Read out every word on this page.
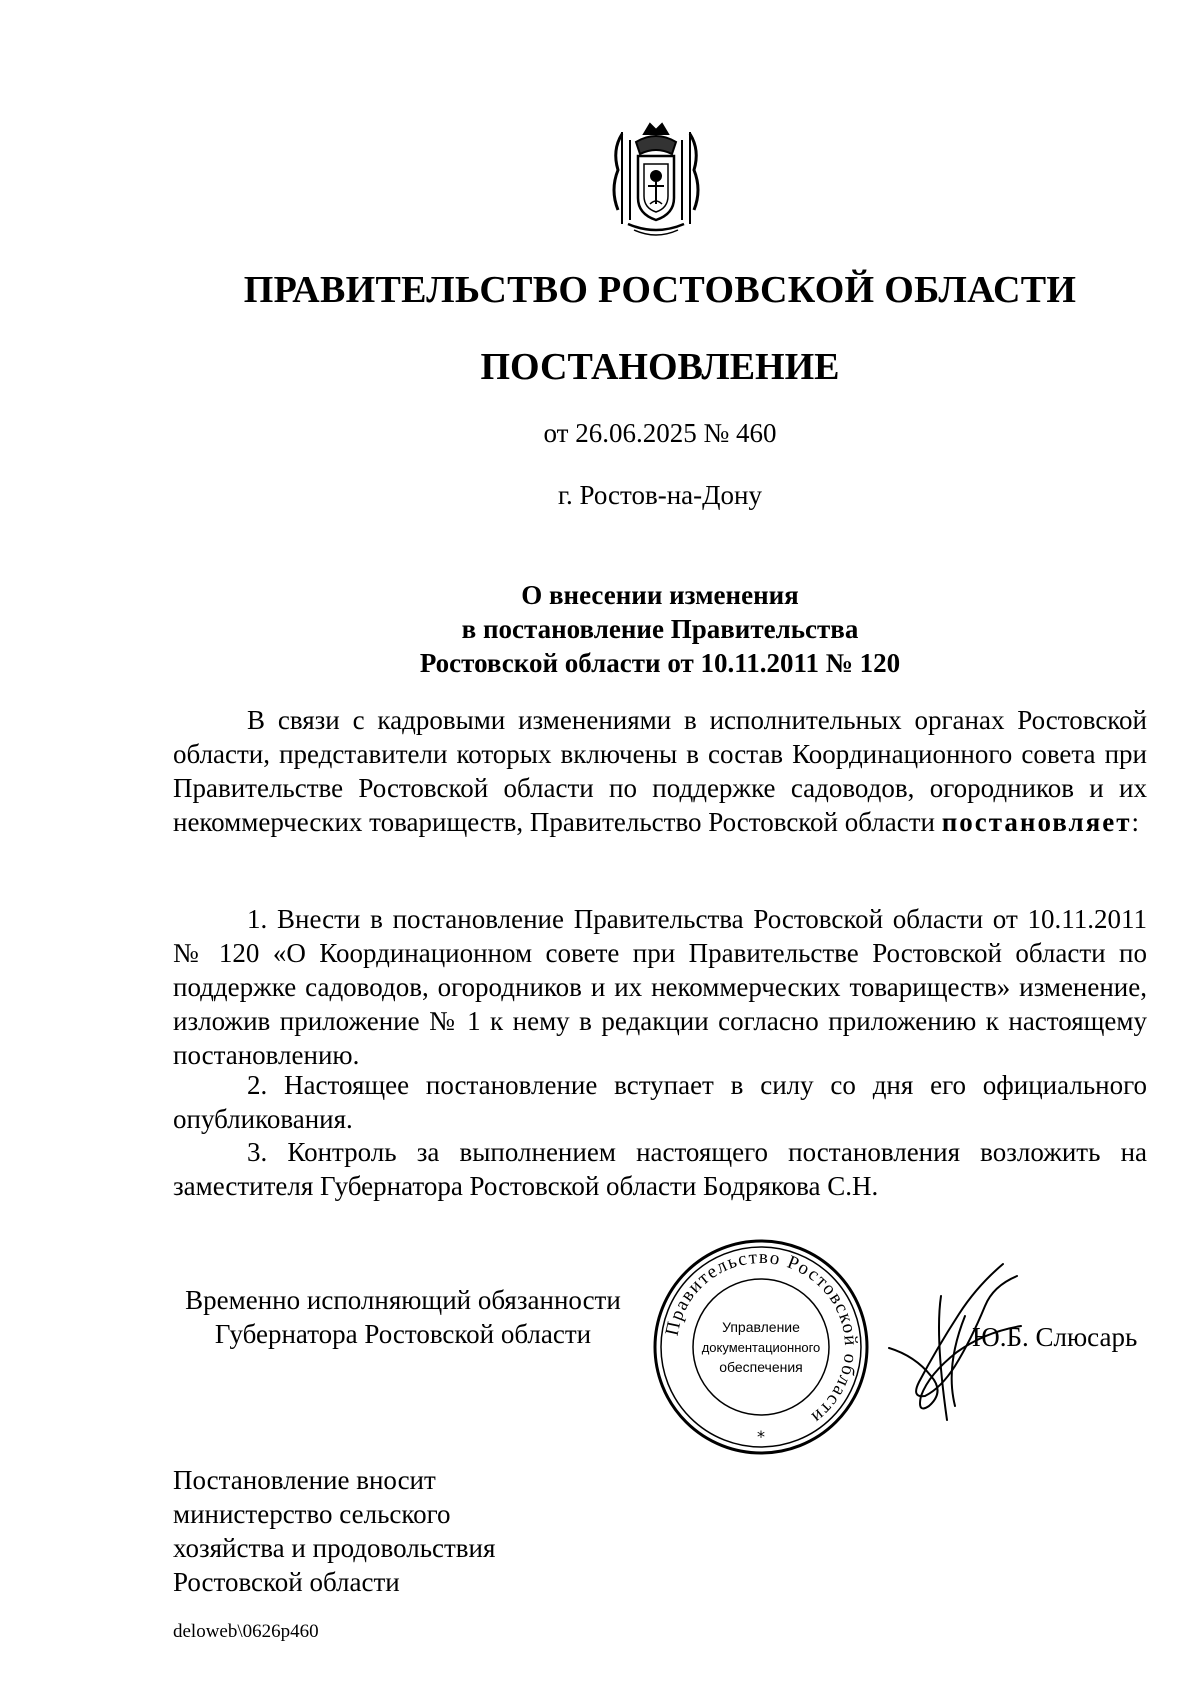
ПРАВИТЕЛЬСТВО РОСТОВСКОЙ ОБЛАСТИ
ПОСТАНОВЛЕНИЕ
от 26.06.2025 № 460
г. Ростов-на-Дону
О внесении изменения
в постановление Правительства
Ростовской области от 10.11.2011 № 120

В связи с кадровыми изменениями в исполнительных органах Ростовской области, представители которых включены в состав Координационного совета при Правительстве Ростовской области по поддержке садоводов, огородников и их некоммерческих товариществ, Правительство Ростовской области постановляет:

1. Внести в постановление Правительства Ростовской области от 10.11.2011 № 120 «О Координационном совете при Правительстве Ростовской области по поддержке садоводов, огородников и их некоммерческих товариществ» изменение, изложив приложение № 1 к нему в редакции согласно приложению к настоящему постановлению.

2. Настоящее постановление вступает в силу со дня его официального опубликования.

3. Контроль за выполнением настоящего постановления возложить на заместителя Губернатора Ростовской области Бодрякова С.Н.

Временно исполняющий обязанности
Губернатора Ростовской области	Правительство Ростовской области
Управление
документационного
обеспечения
*
Ю.Б. Слюсарь
Постановление вносит
министерство сельского
хозяйства и продовольствия
Ростовской области
deloweb\0626p460
